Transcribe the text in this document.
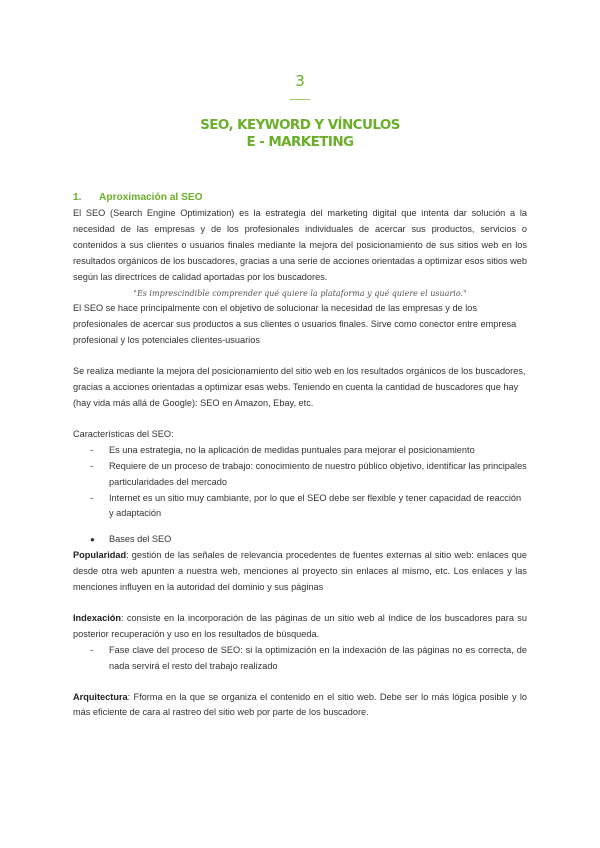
3
SEO, KEYWORD Y VÍNCULOS
E - MARKETING

1. Aproximación al SEO

El SEO (Search Engine Optimization) es la estrategia del marketing digital que intenta dar solución a la necesidad de las empresas y de los profesionales individuales de acercar sus productos, servicios o contenidos a sus clientes o usuarios finales mediante la mejora del posicionamiento de sus sitios web en los resultados orgánicos de los buscadores, gracias a una serie de acciones orientadas a optimizar esos sitios web según las directrices de calidad aportadas por los buscadores.

"Es imprescindible comprender qué quiere la plataforma y qué quiere el usuario."

El SEO se hace principalmente con el objetivo de solucionar la necesidad de las empresas y de los profesionales de acercar sus productos a sus clientes o usuarios finales. Sirve como conector entre empresa profesional y los potenciales clientes-usuarios

Se realiza mediante la mejora del posicionamiento del sitio web en los resultados orgánicos de los buscadores, gracias a acciones orientadas a optimizar esas webs. Teniendo en cuenta la cantidad de buscadores que hay (hay vida más allá de Google): SEO en Amazon, Ebay, etc.

Características del SEO:

- Es una estrategia, no la aplicación de medidas puntuales para mejorar el posicionamiento
- Requiere de un proceso de trabajo: conocimiento de nuestro público objetivo, identificar las principales particularidades del mercado
- Internet es un sitio muy cambiante, por lo que el SEO debe ser flexible y tener capacidad de reacción y adaptación
● Bases del SEO

Popularidad: gestión de las señales de relevancia procedentes de fuentes externas al sitio web: enlaces que desde otra web apunten a nuestra web, menciones al proyecto sin enlaces al mismo, etc. Los enlaces y las menciones influyen en la autoridad del dominio y sus páginas

Indexación: consiste en la incorporación de las páginas de un sitio web al índice de los buscadores para su posterior recuperación y uso en los resultados de búsqueda.

- Fase clave del proceso de SEO: si la optimización en la indexación de las páginas no es correcta, de nada servirá el resto del trabajo realizado

Arquitectura: Fforma en la que se organiza el contenido en el sitio web. Debe ser lo más lógica posible y lo más eficiente de cara al rastreo del sitio web por parte de los buscadore.
